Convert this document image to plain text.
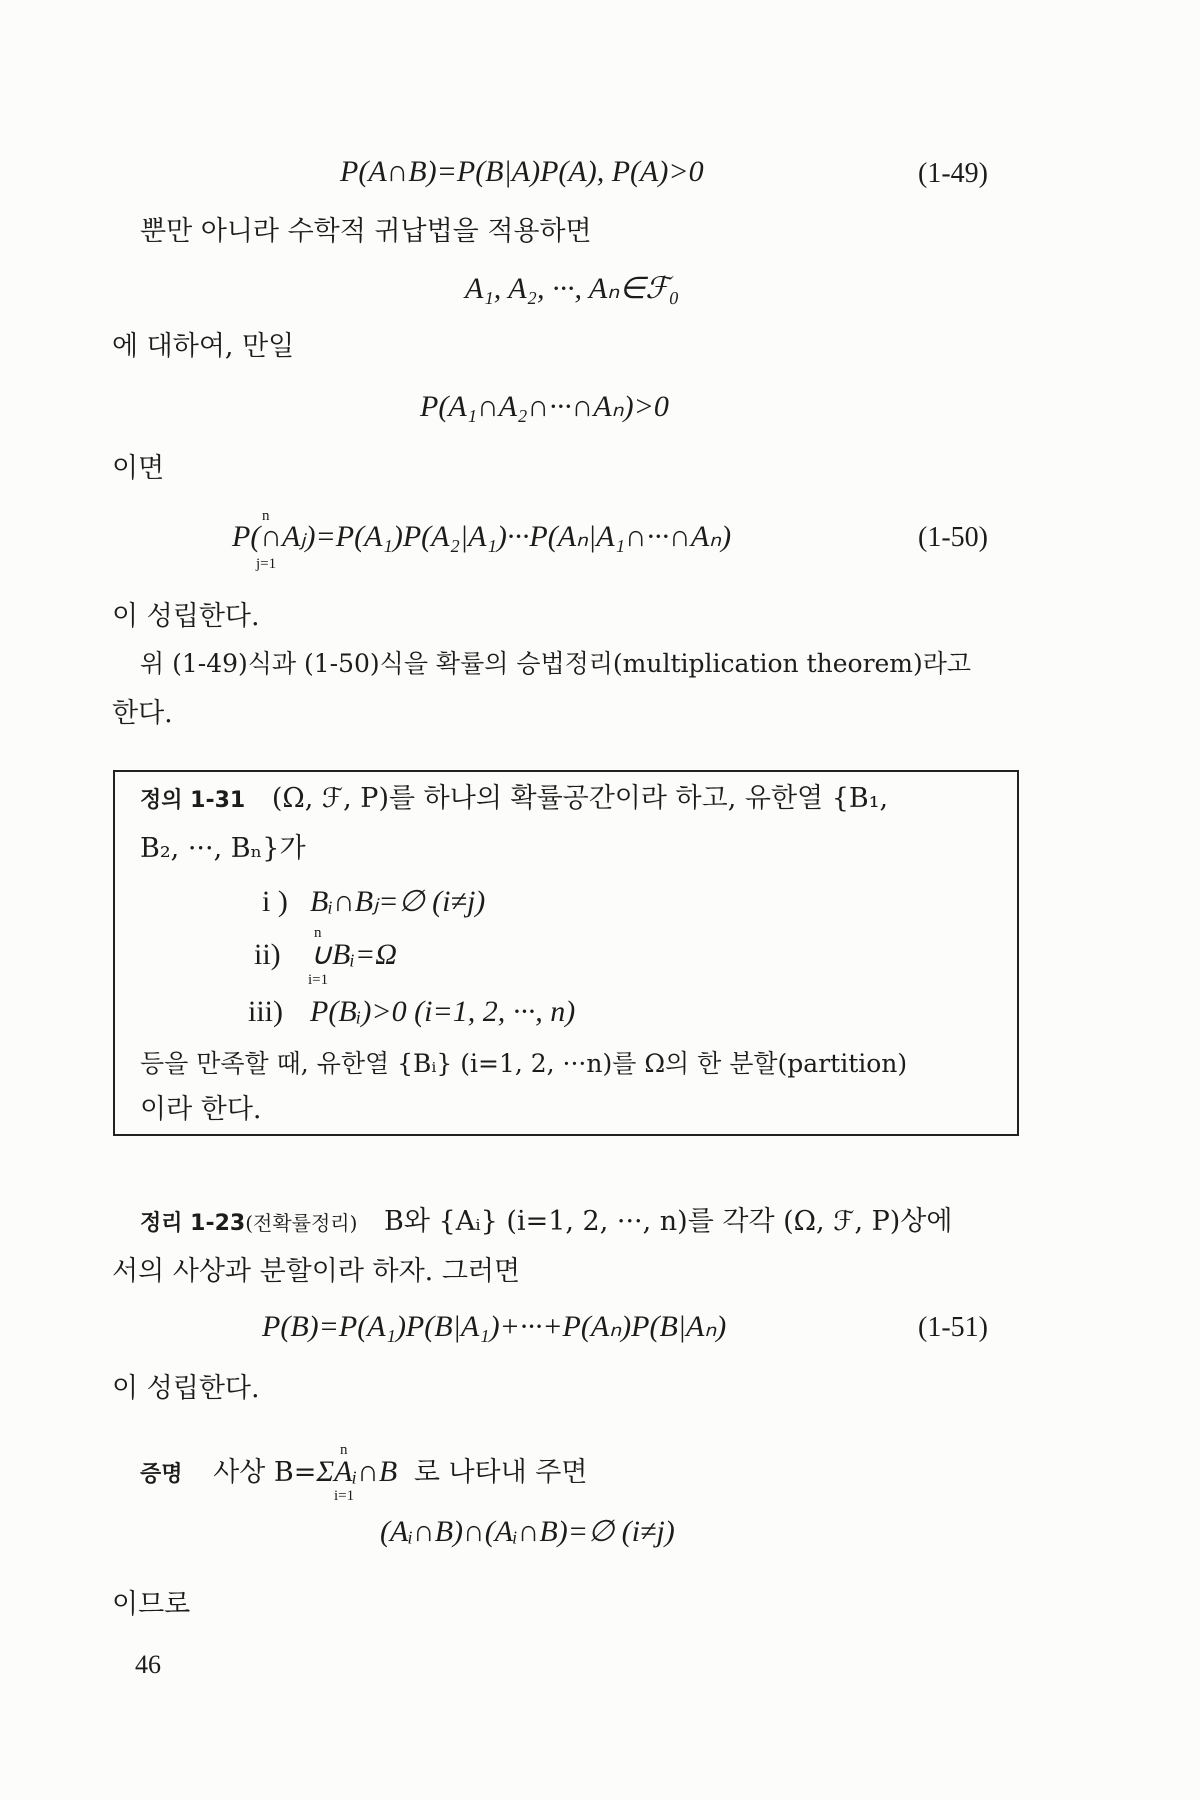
P(A∩B)=P(B|A)P(A), P(A)>0	(1-49)
뿐만 아니라 수학적 귀납법을 적용하면
A₁, A₂, ···, Aₙ∈ℱ₀
에 대하여, 만일
P(A₁∩A₂∩···∩Aₙ)>0
이면
n
P(∩Aⱼ)=P(A₁)P(A₂|A₁)···P(Aₙ|A₁∩···∩Aₙ)
j=1
(1-50)
이 성립한다.
위 (1-49)식과 (1-50)식을 확률의 승법정리(multiplication theorem)라고
한다.
정의 1-31 (Ω, ℱ, P)를 하나의 확률공간이라 하고, 유한열 {B₁,
B₂, ···, Bₙ}가
i ) Bᵢ∩Bⱼ=∅ (i≠j)
n
ii) ∪Bᵢ=Ω
i=1
iii) P(Bᵢ)>0 (i=1, 2, ···, n)
등을 만족할 때, 유한열 {Bᵢ} (i=1, 2, ···n)를 Ω의 한 분할(partition)
이라 한다.
정리 1-23(전확률정리) B와 {Aᵢ} (i=1, 2, ···, n)를 각각 (Ω, ℱ, P)상에
서의 사상과 분할이라 하자. 그러면
P(B)=P(A₁)P(B|A₁)+···+P(Aₙ)P(B|Aₙ)	(1-51)
이 성립한다.
증명 사상 B=ΣAᵢ∩B 로 나타내 주면
n
i=1
(Aᵢ∩B)∩(Aᵢ∩B)=∅ (i≠j)
이므로
46
